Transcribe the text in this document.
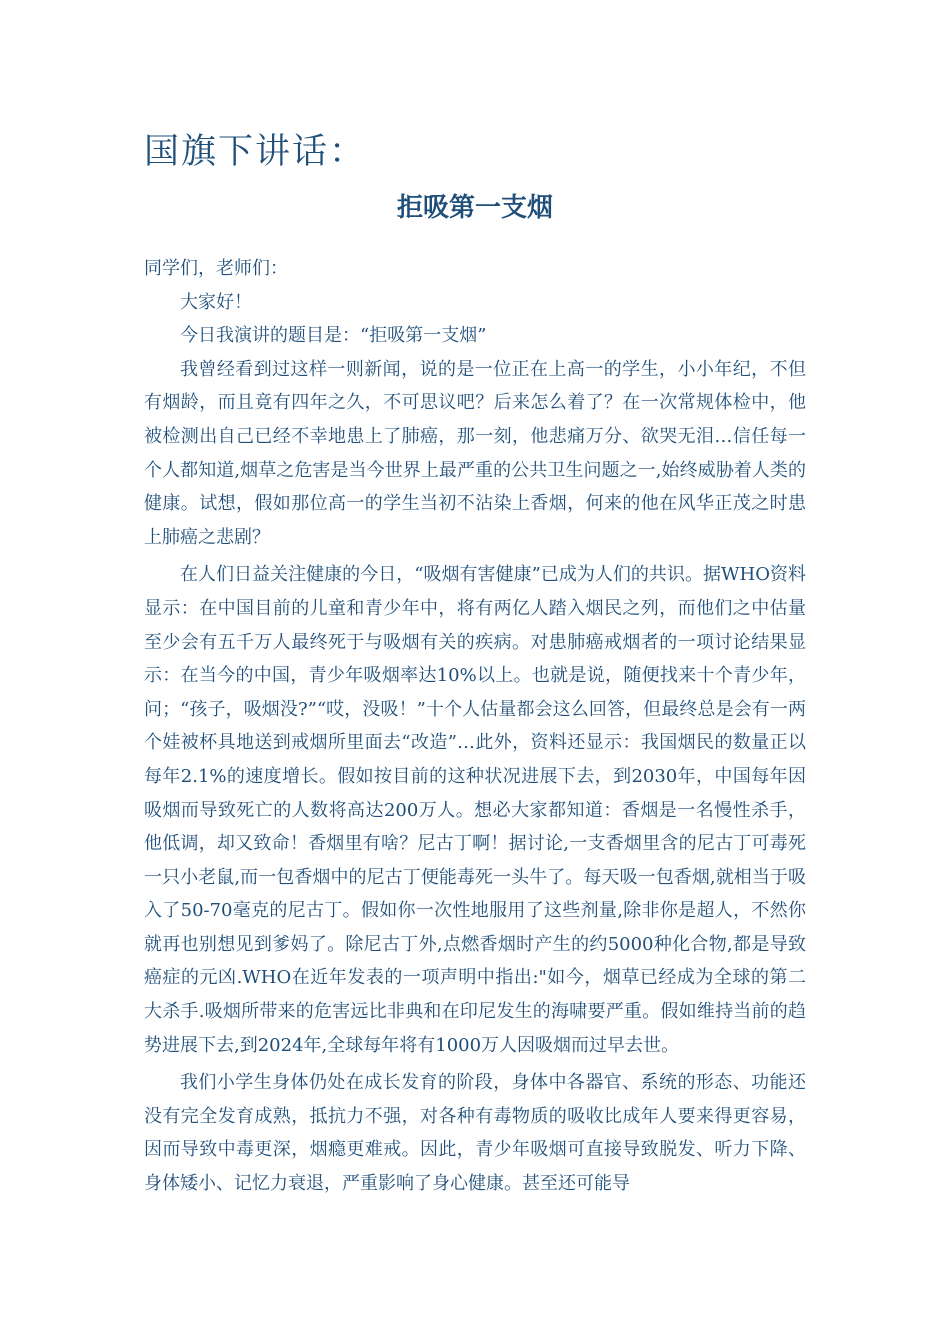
国旗下讲话：
拒吸第一支烟

同学们，老师们：

大家好！

今日我演讲的题目是：“拒吸第一支烟”

我曾经看到过这样一则新闻，说的是一位正在上高一的学生，小小年纪，不但有烟龄，而且竟有四年之久，不可思议吧？后来怎么着了？在一次常规体检中，他被检测出自己已经不幸地患上了肺癌，那一刻，他悲痛万分、欲哭无泪…信任每一个人都知道,烟草之危害是当今世界上最严重的公共卫生问题之一,始终威胁着人类的健康。试想，假如那位高一的学生当初不沾染上香烟，何来的他在风华正茂之时患上肺癌之悲剧？

在人们日益关注健康的今日，“吸烟有害健康”已成为人们的共识。据WHO资料显示：在中国目前的儿童和青少年中，将有两亿人踏入烟民之列，而他们之中估量至少会有五千万人最终死于与吸烟有关的疾病。对患肺癌戒烟者的一项讨论结果显示：在当今的中国，青少年吸烟率达10%以上。也就是说，随便找来十个青少年，问；“孩子，吸烟没?”“哎，没吸！”十个人估量都会这么回答，但最终总是会有一两个娃被杯具地送到戒烟所里面去“改造”…此外，资料还显示：我国烟民的数量正以每年2.1%的速度增长。假如按目前的这种状况进展下去，到2030年，中国每年因吸烟而导致死亡的人数将高达200万人。想必大家都知道：香烟是一名慢性杀手，他低调，却又致命！香烟里有啥？尼古丁啊！据讨论,一支香烟里含的尼古丁可毒死一只小老鼠,而一包香烟中的尼古丁便能毒死一头牛了。每天吸一包香烟,就相当于吸入了50-70毫克的尼古丁。假如你一次性地服用了这些剂量,除非你是超人，不然你就再也别想见到爹妈了。除尼古丁外,点燃香烟时产生的约5000种化合物,都是导致癌症的元凶.WHO在近年发表的一项声明中指出:"如今，烟草已经成为全球的第二大杀手.吸烟所带来的危害远比非典和在印尼发生的海啸要严重。假如维持当前的趋势进展下去,到2024年,全球每年将有1000万人因吸烟而过早去世。

我们小学生身体仍处在成长发育的阶段，身体中各器官、系统的形态、功能还没有完全发育成熟，抵抗力不强，对各种有毒物质的吸收比成年人要来得更容易，因而导致中毒更深，烟瘾更难戒。因此，青少年吸烟可直接导致脱发、听力下降、身体矮小、记忆力衰退，严重影响了身心健康。甚至还可能导
